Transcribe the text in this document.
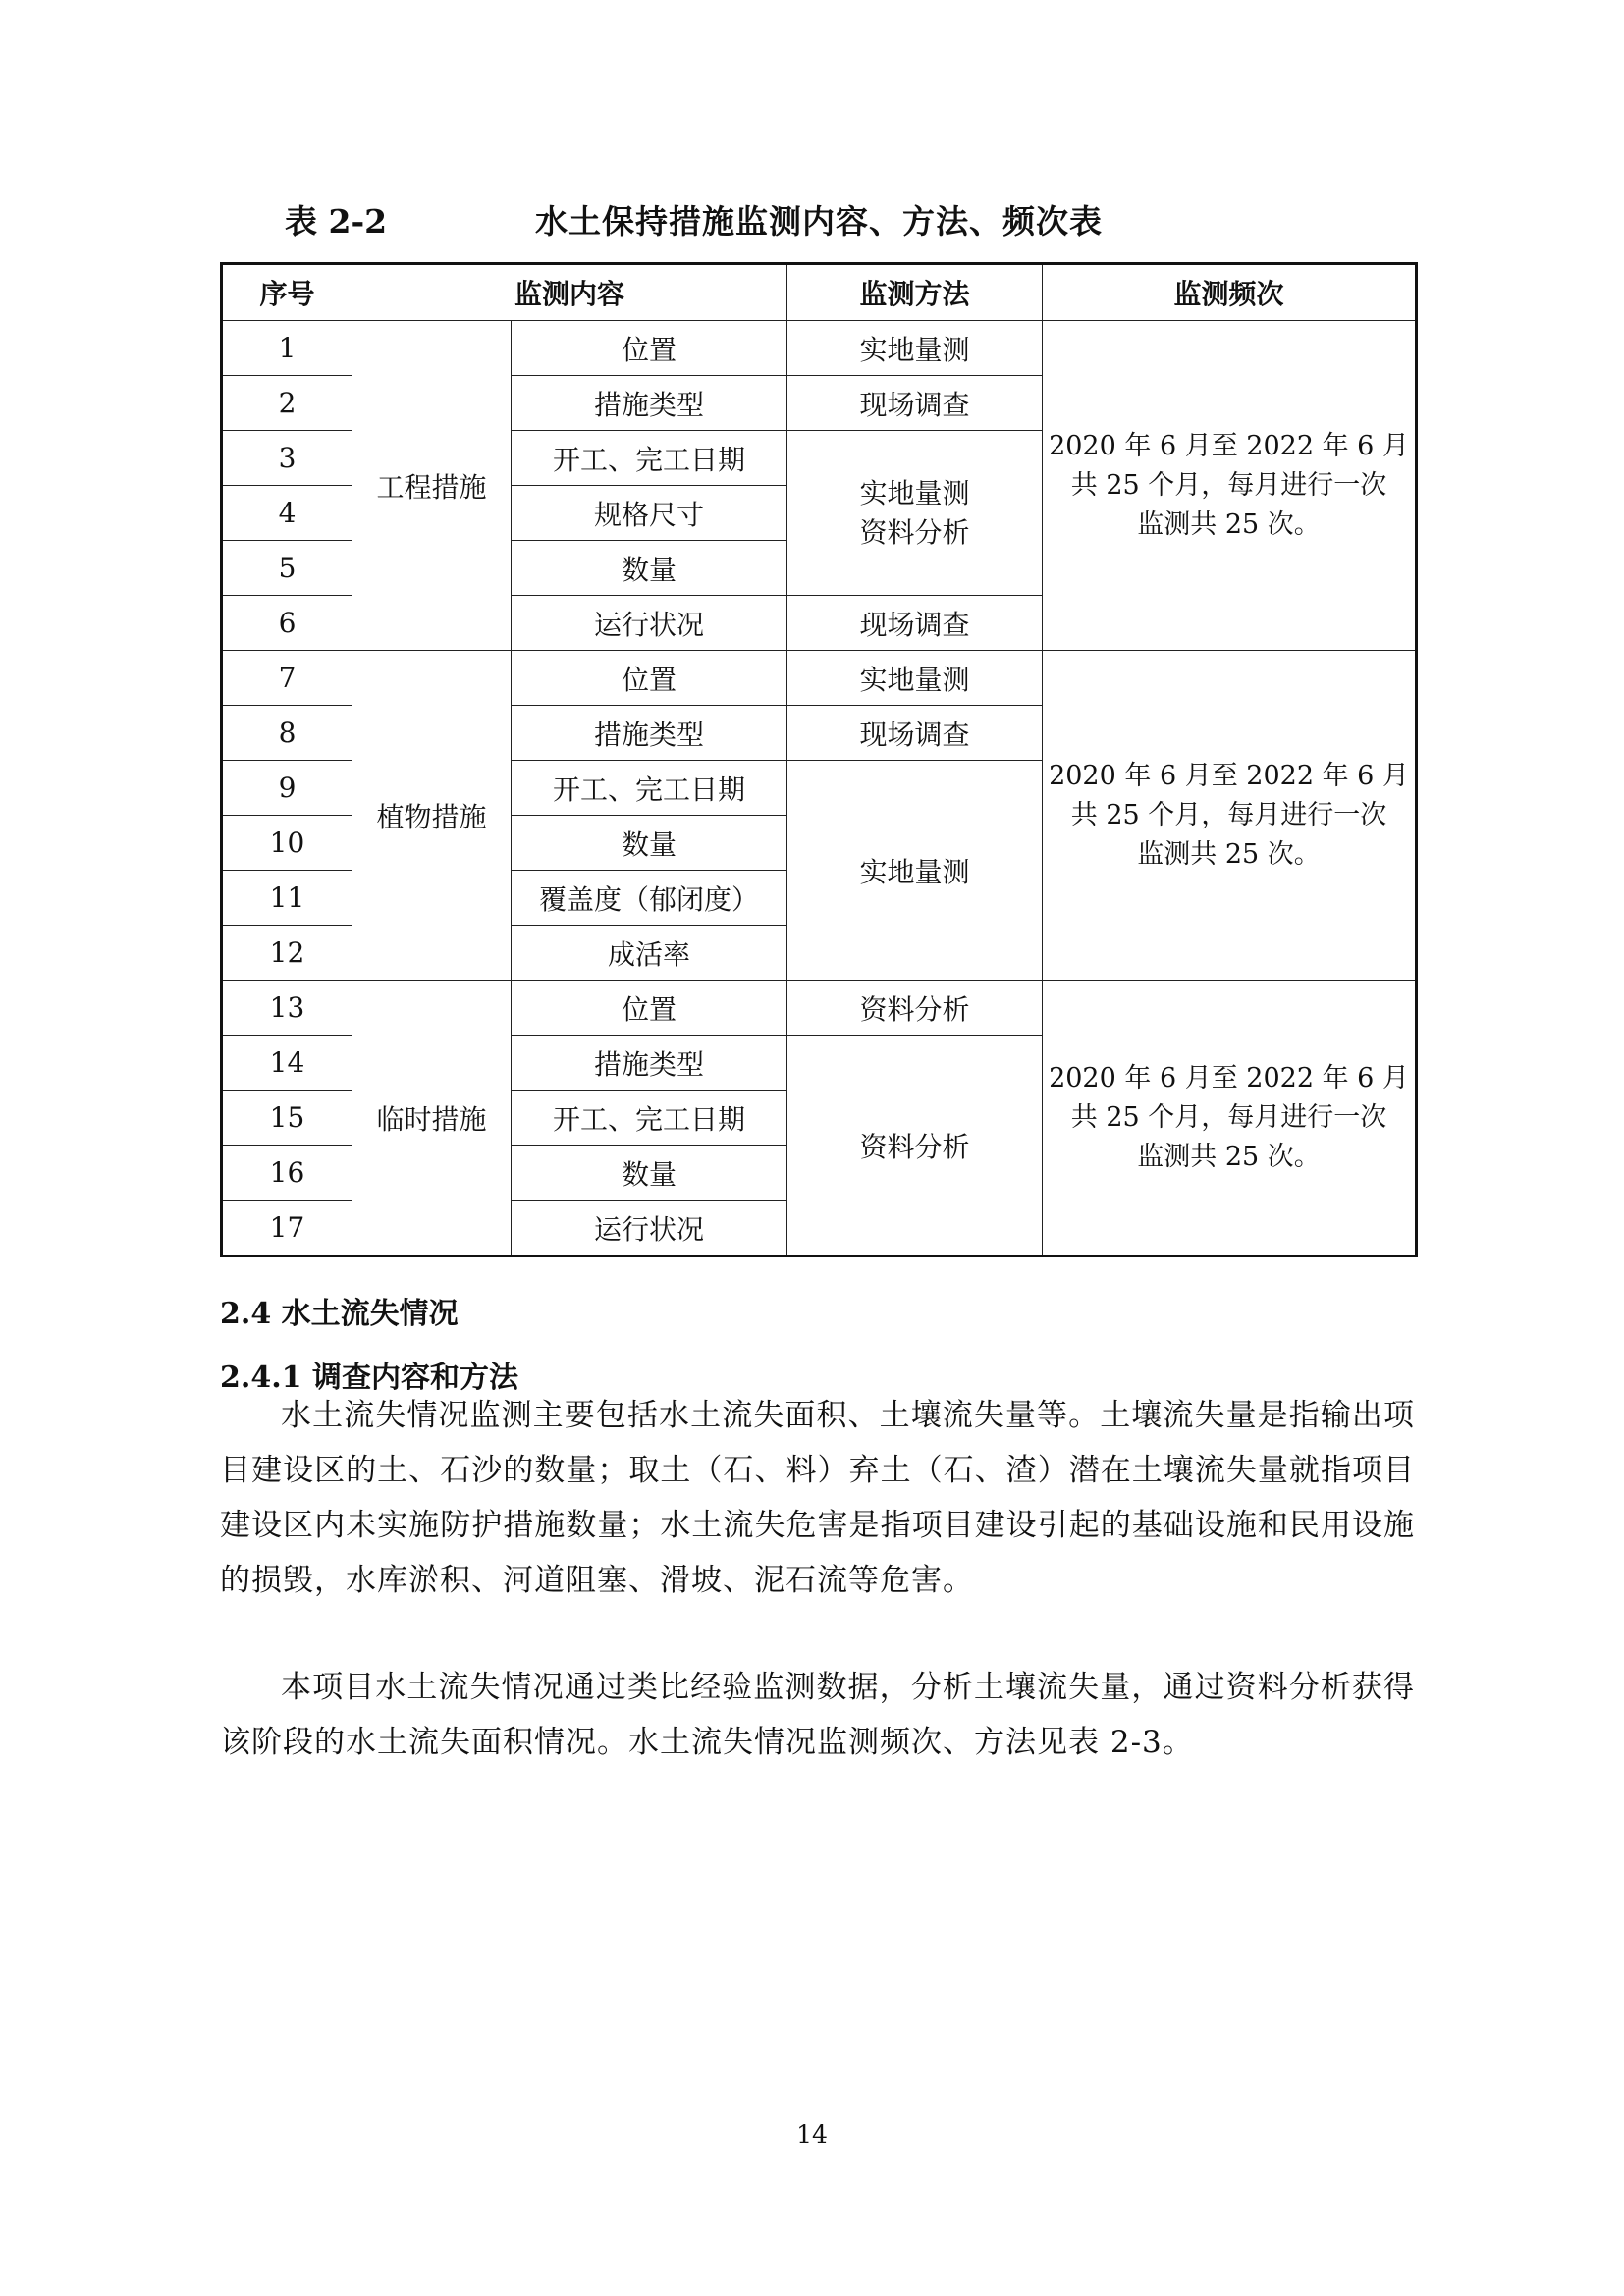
表 2-2	水土保持措施监测内容、方法、频次表
序号	监测内容		监测方法	监测频次
1	工程措施	位置	实地量测	2020 年 6 月至 2022 年 6 月
共 25 个月，每月进行一次
监测共 25 次。

2		措施类型	现场调查	
3		开工、完工日期	实地量测
资料分析	

4		规格尺寸		
5		数量		
6		运行状况	现场调查	
7	植物措施	位置	实地量测	2020 年 6 月至 2022 年 6 月
共 25 个月，每月进行一次
监测共 25 次。

8		措施类型	现场调查	
9		开工、完工日期	实地量测	
10		数量		
11		覆盖度（郁闭度）		
12		成活率		
13	临时措施	位置	资料分析	2020 年 6 月至 2022 年 6 月
共 25 个月，每月进行一次
监测共 25 次。

14		措施类型	资料分析	
15		开工、完工日期		
16		数量		
17		运行状况		
2.4 水土流失情况
2.4.1 调查内容和方法

水土流失情况监测主要包括水土流失面积、土壤流失量等。土壤流失量是指输出项目建设区的土、石沙的数量；取土（石、料）弃土（石、渣）潜在土壤流失量就指项目建设区内未实施防护措施数量；水土流失危害是指项目建设引起的基础设施和民用设施的损毁，水库淤积、河道阻塞、滑坡、泥石流等危害。

本项目水土流失情况通过类比经验监测数据，分析土壤流失量，通过资料分析获得该阶段的水土流失面积情况。水土流失情况监测频次、方法见表 2-3。

14
